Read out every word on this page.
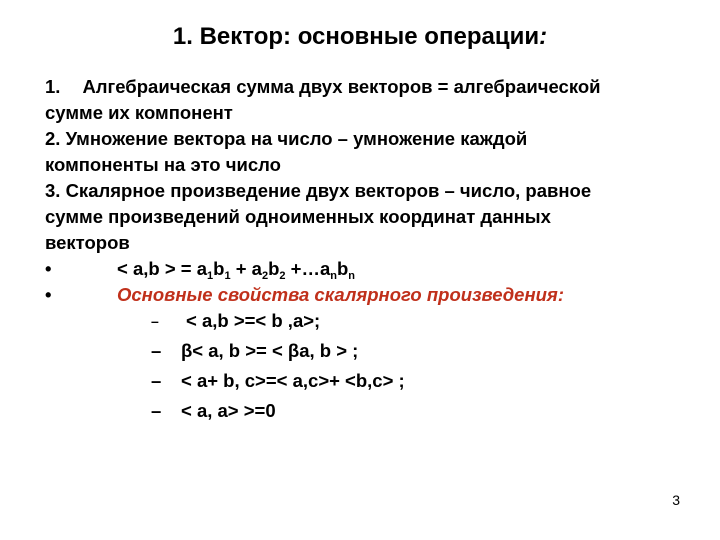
1. Вектор: основные операции:
1. Алгебраическая сумма двух векторов = алгебраической
сумме их компонент
2. Умножение вектора на число – умножение каждой
компоненты на это число
3. Скалярное произведение двух векторов – число, равное
сумме произведений одноименных координат данных
векторов
•	< a,b > = $a_1b_1 + a_2b_2$ $+\dots a_nb_n$
•	Основные свойства скалярного произведения:
– < a,b >=< b ,a>;
– β< a, b >= < βa, b > ;
– < a+ b, c>=< a,c>+ <b,c> ;
– < a, a> >=0
3
